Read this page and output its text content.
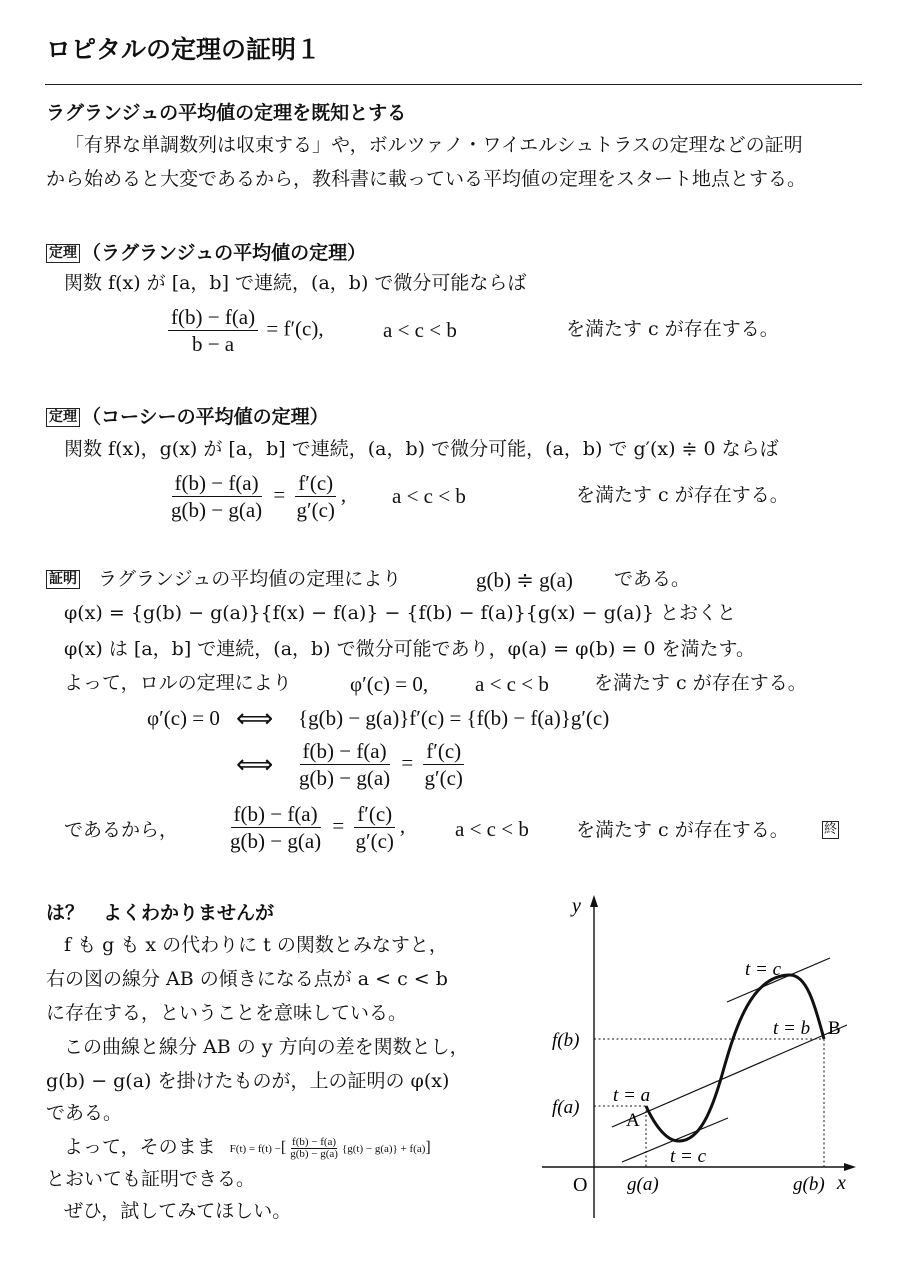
ロピタルの定理の証明１
ラグランジュの平均値の定理を既知とする
「有界な単調数列は収束する」や，ボルツァノ・ワイエルシュトラスの定理などの証明
から始めると大変であるから，教科書に載っている平均値の定理をスタート地点とする。
定理 （ラグランジュの平均値の定理）
関数 f(x) が [a，b] で連続，(a，b) で微分可能ならば
$\frac{f(b) - f(a)}{b - a} = f'(c)$,	a < c < b	を満たす c が存在する。
定理 （コーシーの平均値の定理）
関数 f(x)，g(x) が [a，b] で連続，(a，b) で微分可能，(a，b) で g′(x) ≑ 0 ならば
$\frac{f(b) - f(a)}{g(b) - g(a)} = \frac{f'(c)}{g'(c)}$ , a < c < b	を満たす c が存在する。
証明 ラグランジュの平均値の定理により	g(b) ≑ g(a) である。
φ(x) = {g(b) − g(a)}{f(x) − f(a)} − {f(b) − f(a)}{g(x) − g(a)} とおくと
φ(x) は [a，b] で連続，(a，b) で微分可能であり，φ(a) = φ(b) = 0 を満たす。
よって，ロルの定理により	φ′(c) = 0, a < c < b を満たす c が存在する。
φ′(c) = 0 ⟺ {g(b) − g(a)}f′(c) = {f(b) − f(a)}g′(c)
⟺ $\frac{f(b) - f(a)}{g(b) - g(a)} = \frac{f'(c)}{g'(c)}$
であるから， $\frac{f(b) - f(a)}{g(b) - g(a)} = \frac{f'(c)}{g'(c)}$ , a < c < b を満たす c が存在する。	終
は？　よくわかりませんが
f も g も x の代わりに t の関数とみなすと，
右の図の線分 AB の傾きになる点が a < c < b
に存在する，ということを意味している。
この曲線と線分 AB の y 方向の差を関数とし，
g(b) − g(a) を掛けたものが，上の証明の φ(x)
である。
よって，そのまま F(t) = f(t) −[ $\frac{f(b) - f(a)}{g(b) - g(a)} \{g(t) - g(a)\} + f(a)$]
とおいても証明できる。
ぜひ，試してみてほしい。
y
x
O
f(b)
f(a)
g(a)	g(b)
A
B
t = a
t = b
t = c
t = c
